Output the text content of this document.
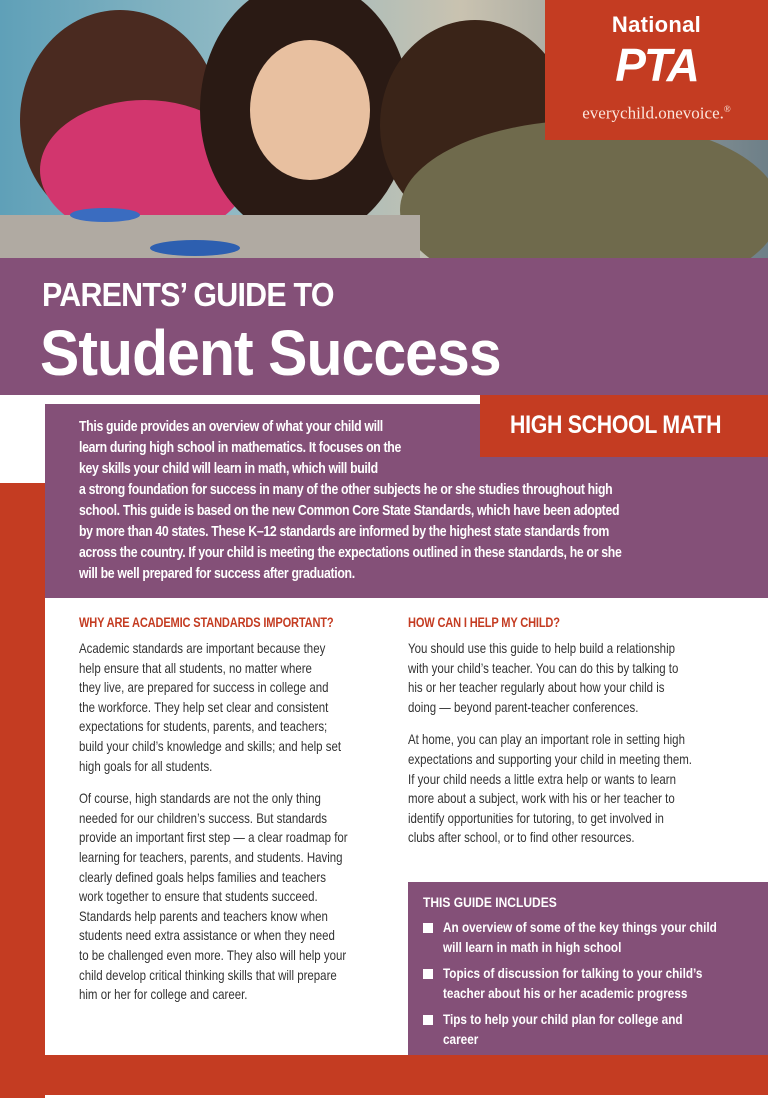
National
PTA
everychild.onevoice.®
PARENTS’ GUIDE TO
Student Success
This guide provides an overview of what your child will
learn during high school in mathematics. It focuses on the
key skills your child will learn in math, which will build
a strong foundation for success in many of the other subjects he or she studies throughout high
school. This guide is based on the new Common Core State Standards, which have been adopted
by more than 40 states. These K–12 standards are informed by the highest state standards from
across the country. If your child is meeting the expectations outlined in these standards, he or she
will be well prepared for success after graduation.
HIGH SCHOOL MATH
WHY ARE ACADEMIC STANDARDS IMPORTANT?
Academic standards are important because they
help ensure that all students, no matter where
they live, are prepared for success in college and
the workforce. They help set clear and consistent
expectations for students, parents, and teachers;
build your child’s knowledge and skills; and help set
high goals for all students.
Of course, high standards are not the only thing
needed for our children’s success. But standards
provide an important first step — a clear roadmap for
learning for teachers, parents, and students. Having
clearly defined goals helps families and teachers
work together to ensure that students succeed.
Standards help parents and teachers know when
students need extra assistance or when they need
to be challenged even more. They also will help your
child develop critical thinking skills that will prepare
him or her for college and career.
HOW CAN I HELP MY CHILD?
You should use this guide to help build a relationship
with your child’s teacher. You can do this by talking to
his or her teacher regularly about how your child is
doing — beyond parent-teacher conferences.
At home, you can play an important role in setting high
expectations and supporting your child in meeting them.
If your child needs a little extra help or wants to learn
more about a subject, work with his or her teacher to
identify opportunities for tutoring, to get involved in
clubs after school, or to find other resources.
THIS GUIDE INCLUDES
An overview of some of the key things your child
will learn in math in high school
Topics of discussion for talking to your child’s
teacher about his or her academic progress
Tips to help your child plan for college and
career
